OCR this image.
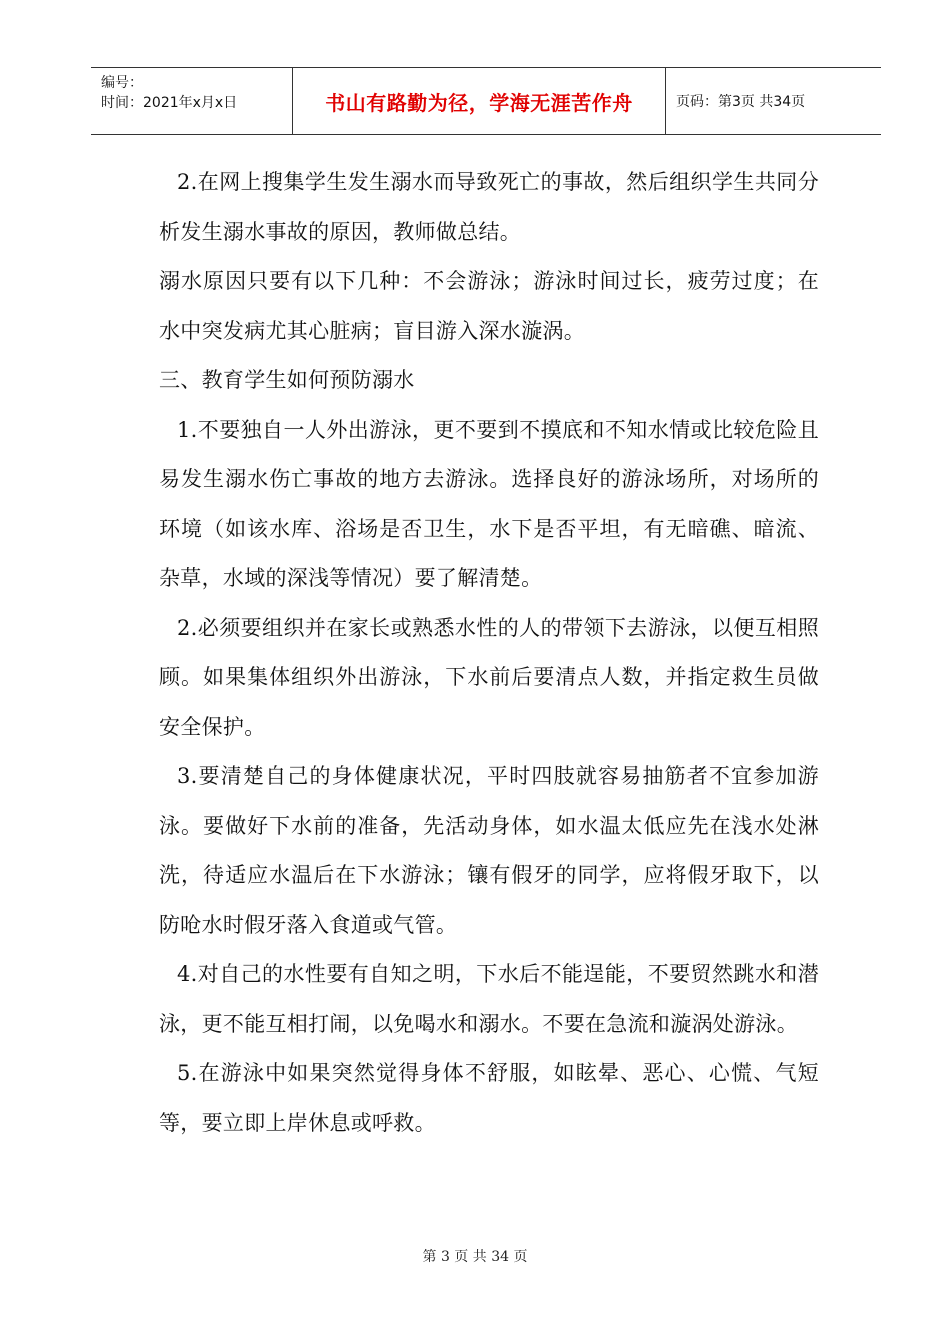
编号：
时间：2021年x月x日	书山有路勤为径，学海无涯苦作舟	页码：第3页 共34页

2.在网上搜集学生发生溺水而导致死亡的事故，然后组织学生共同分析发生溺水事故的原因，教师做总结。

溺水原因只要有以下几种：不会游泳；游泳时间过长，疲劳过度；在水中突发病尤其心脏病；盲目游入深水漩涡。

三、教育学生如何预防溺水

1.不要独自一人外出游泳，更不要到不摸底和不知水情或比较危险且易发生溺水伤亡事故的地方去游泳。选择良好的游泳场所，对场所的环境（如该水库、浴场是否卫生，水下是否平坦，有无暗礁、暗流、杂草，水域的深浅等情况）要了解清楚。

2.必须要组织并在家长或熟悉水性的人的带领下去游泳，以便互相照顾。如果集体组织外出游泳，下水前后要清点人数，并指定救生员做安全保护。

3.要清楚自己的身体健康状况，平时四肢就容易抽筋者不宜参加游泳。要做好下水前的准备，先活动身体，如水温太低应先在浅水处淋洗，待适应水温后在下水游泳；镶有假牙的同学，应将假牙取下，以防呛水时假牙落入食道或气管。

4.对自己的水性要有自知之明，下水后不能逞能，不要贸然跳水和潜泳，更不能互相打闹，以免喝水和溺水。不要在急流和漩涡处游泳。

5.在游泳中如果突然觉得身体不舒服，如眩晕、恶心、心慌、气短等，要立即上岸休息或呼救。

第 3 页 共 34 页
